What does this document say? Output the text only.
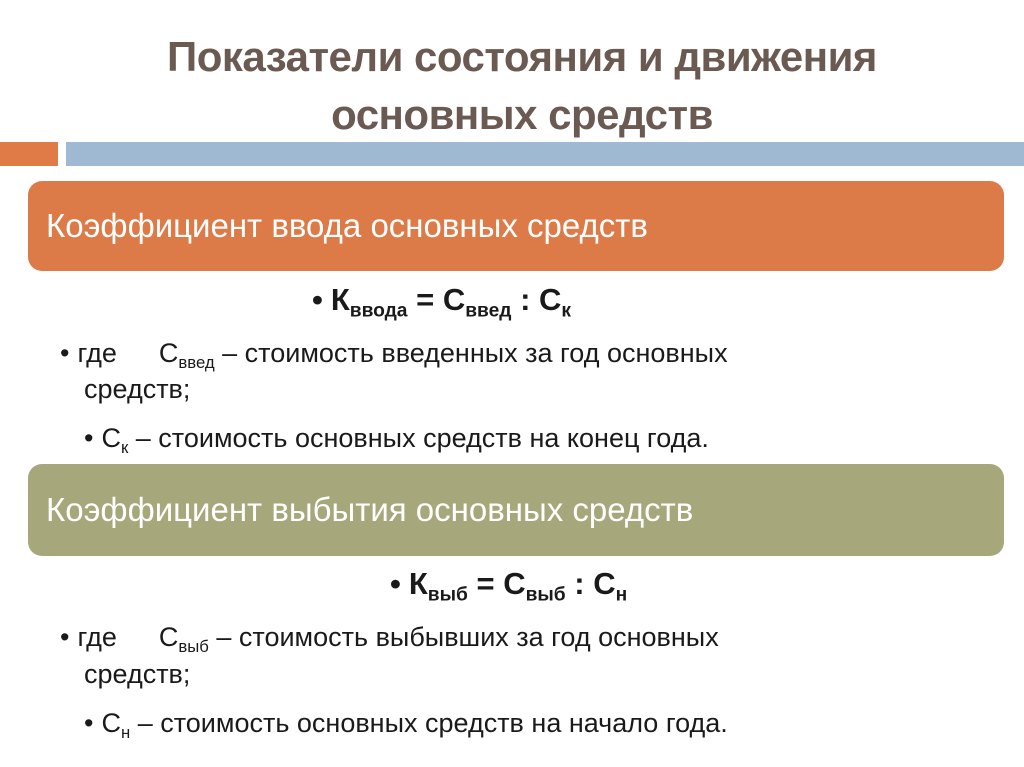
Показатели состояния и движения
основных средств
Коэффициент ввода основных средств
• $К_{ввода} = С_{введ}$ : $С_к$
• где $С_{введ}$ – стоимость введенных за год основных
средств;
• $С_к$ – стоимость основных средств на конец года.
Коэффициент выбытия основных средств
• $К_{выб} = С_{выб}$ : $С_н$
• где $С_{выб}$ – стоимость выбывших за год основных
средств;
• $С_н$ – стоимость основных средств на начало года.
